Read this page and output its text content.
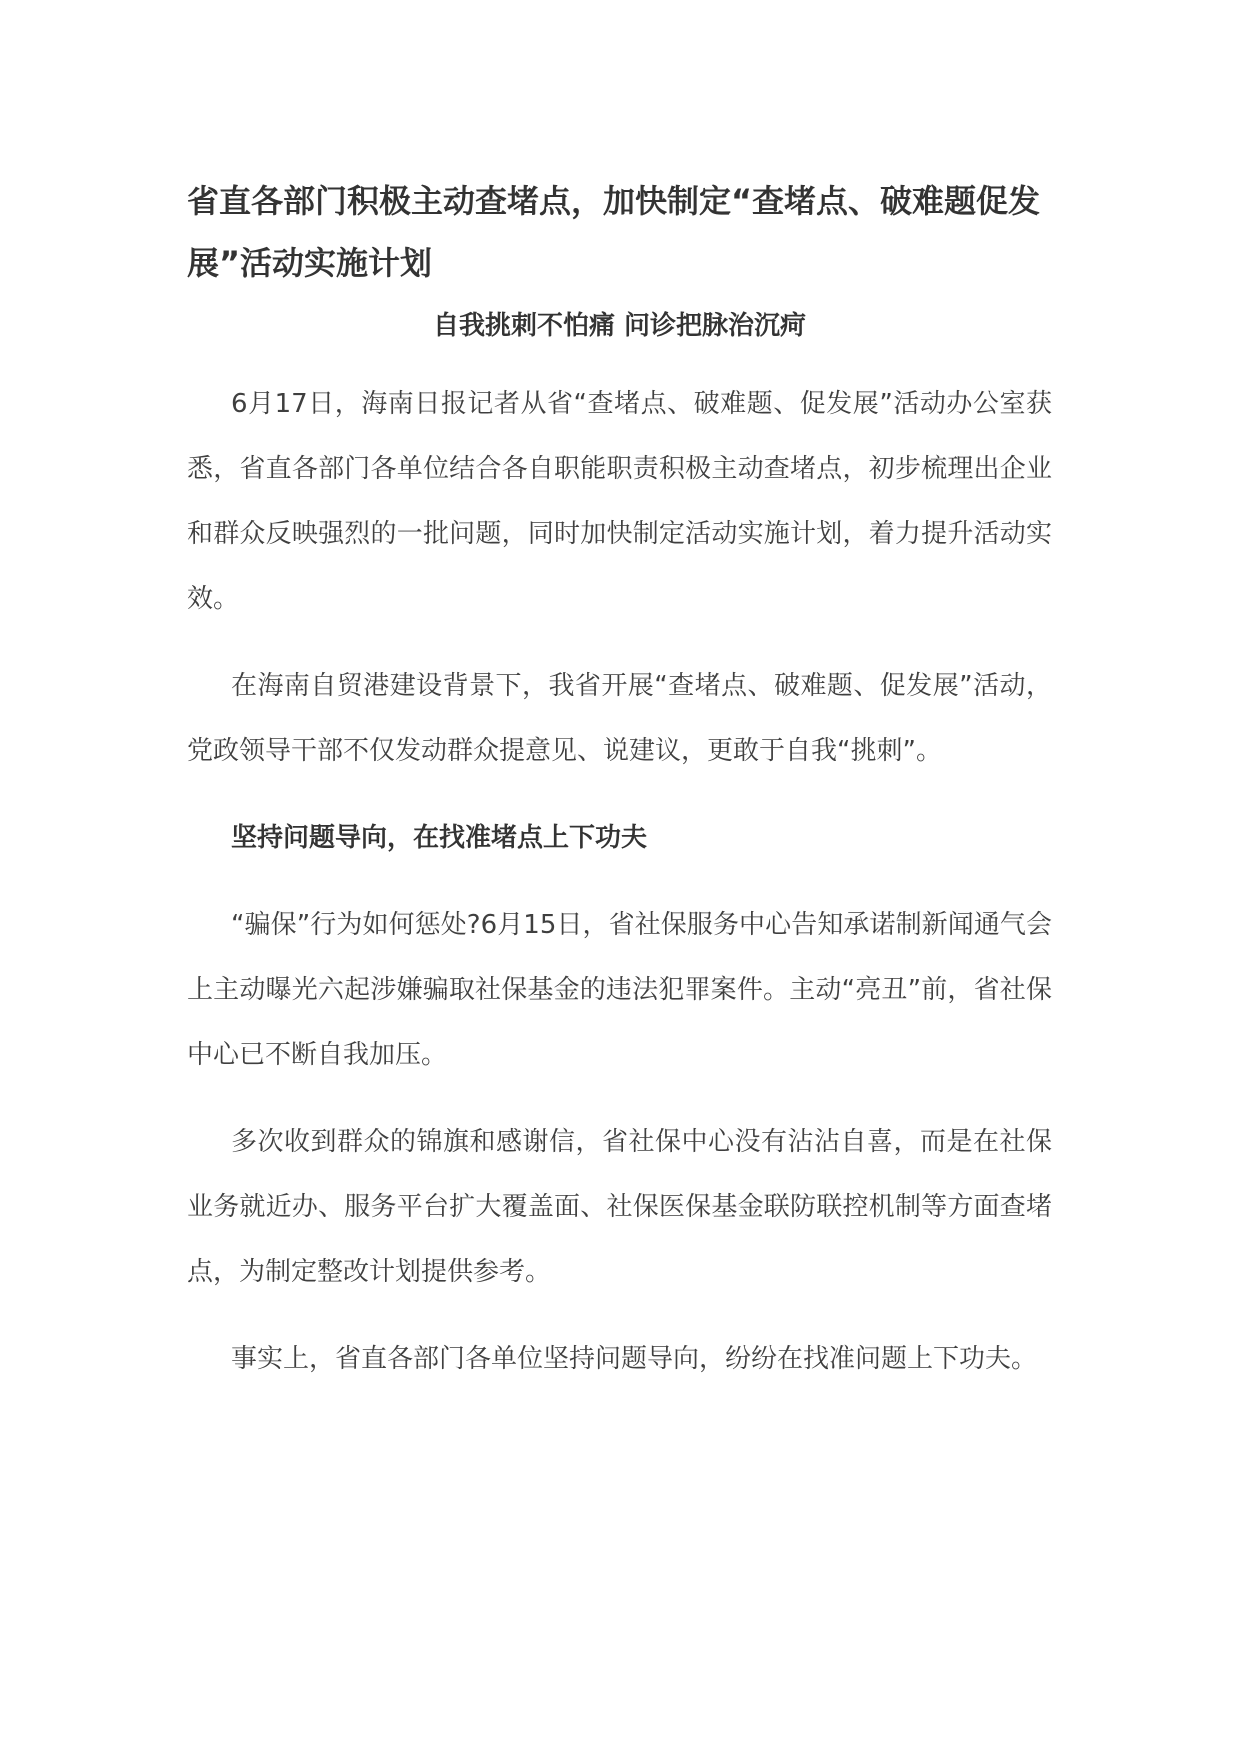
省直各部门积极主动查堵点，加快制定“查堵点、破难题促发展”活动实施计划
自我挑刺不怕痛 问诊把脉治沉疴

6月17日，海南日报记者从省“查堵点、破难题、促发展”活动办公室获悉，省直各部门各单位结合各自职能职责积极主动查堵点，初步梳理出企业和群众反映强烈的一批问题，同时加快制定活动实施计划，着力提升活动实效。

在海南自贸港建设背景下，我省开展“查堵点、破难题、促发展”活动，党政领导干部不仅发动群众提意见、说建议，更敢于自我“挑刺”。

坚持问题导向，在找准堵点上下功夫

“骗保”行为如何惩处?6月15日，省社保服务中心告知承诺制新闻通气会上主动曝光六起涉嫌骗取社保基金的违法犯罪案件。主动“亮丑”前，省社保中心已不断自我加压。

多次收到群众的锦旗和感谢信，省社保中心没有沾沾自喜，而是在社保业务就近办、服务平台扩大覆盖面、社保医保基金联防联控机制等方面查堵点，为制定整改计划提供参考。

事实上，省直各部门各单位坚持问题导向，纷纷在找准问题上下功夫。
